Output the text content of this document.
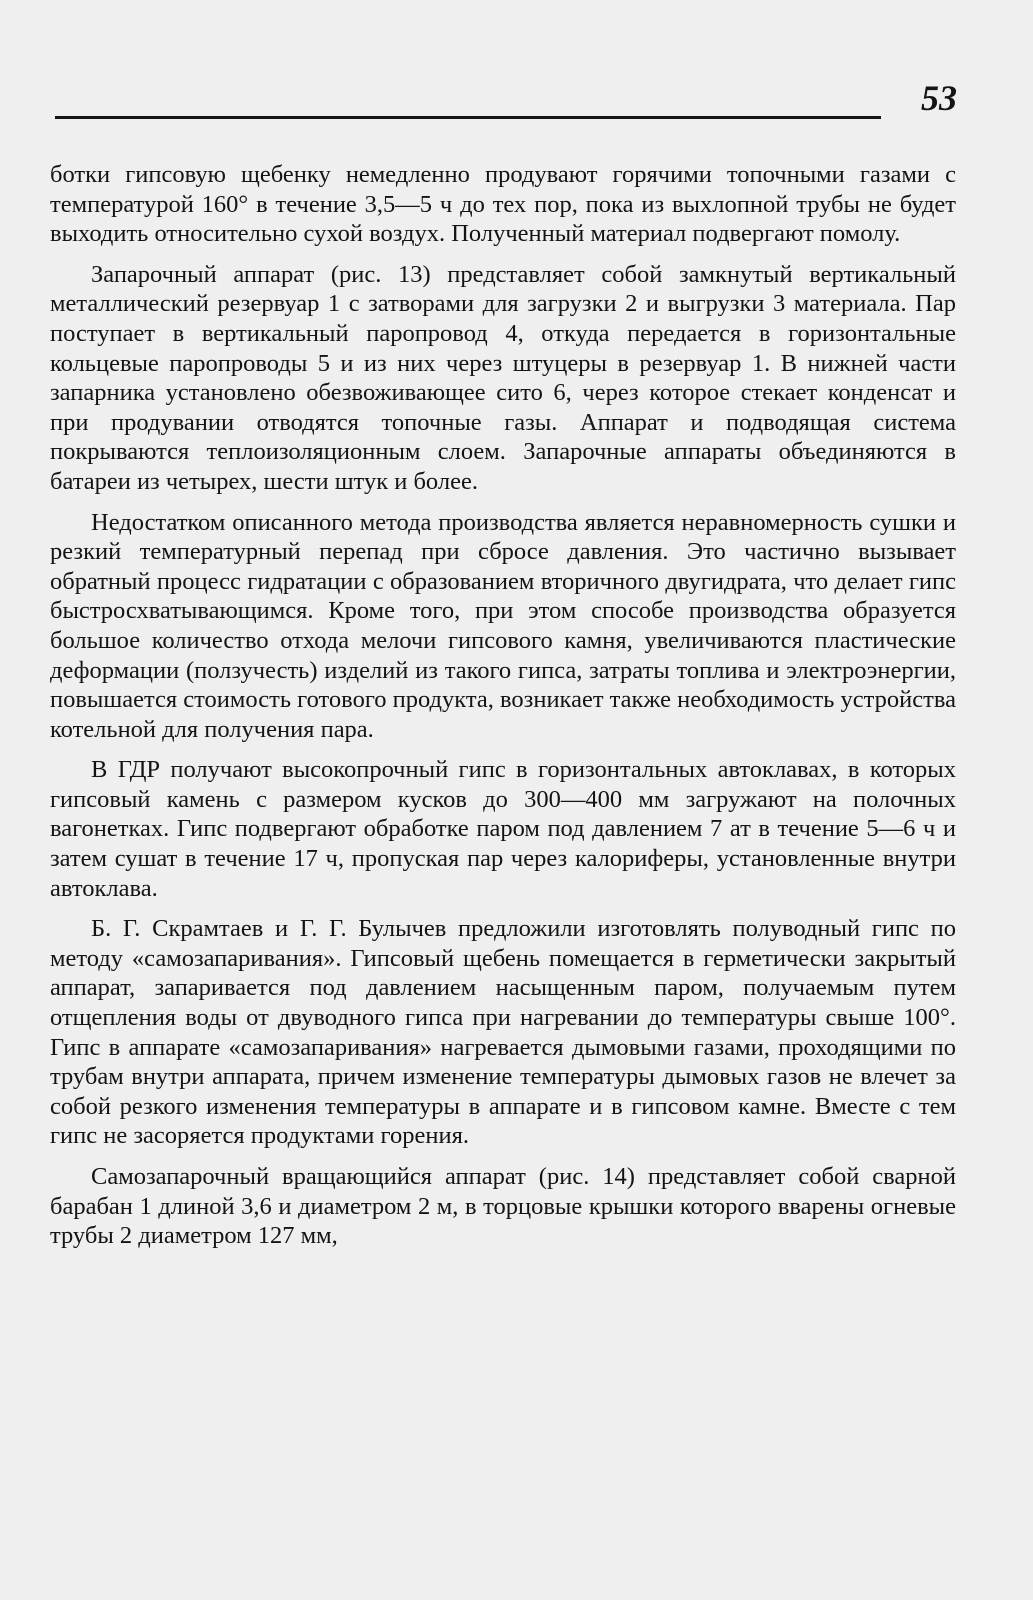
53

ботки гипсовую щебенку немедленно продувают горячими топочными газами с температурой 160° в течение 3,5—5 ч до тех пор, пока из выхлопной трубы не будет выходить относительно сухой воздух. Полученный материал подвергают помолу.

Запарочный аппарат (рис. 13) представляет собой замкнутый вертикальный металлический резервуар 1 с затворами для загрузки 2 и выгрузки 3 материала. Пар поступает в вертикальный паропровод 4, откуда передается в горизонтальные кольцевые паропроводы 5 и из них через штуцеры в резервуар 1. В нижней части запарника установлено обезвоживающее сито 6, через которое стекает конденсат и при продувании отводятся топочные газы. Аппарат и подводящая система покрываются теплоизоляционным слоем. Запарочные аппараты объединяются в батареи из четырех, шести штук и более.

Недостатком описанного метода производства является неравномерность сушки и резкий температурный перепад при сбросе давления. Это частично вызывает обратный процесс гидратации с образованием вторичного двугидрата, что делает гипс быстросхватывающимся. Кроме того, при этом способе производства образуется большое количество отхода мелочи гипсового камня, увеличиваются пластические деформации (ползучесть) изделий из такого гипса, затраты топлива и электроэнергии, повышается стоимость готового продукта, возникает также необходимость устройства котельной для получения пара.

В ГДР получают высокопрочный гипс в горизонтальных автоклавах, в которых гипсовый камень с размером кусков до 300—400 мм загружают на полочных вагонетках. Гипс подвергают обработке паром под давлением 7 ат в течение 5—6 ч и затем сушат в течение 17 ч, пропуская пар через калориферы, установленные внутри автоклава.

Б. Г. Скрамтаев и Г. Г. Булычев предложили изготовлять полуводный гипс по методу «самозапаривания». Гипсовый щебень помещается в герметически закрытый аппарат, запаривается под давлением насыщенным паром, получаемым путем отщепления воды от двуводного гипса при нагревании до температуры свыше 100°. Гипс в аппарате «самозапаривания» нагревается дымовыми газами, проходящими по трубам внутри аппарата, причем изменение температуры дымовых газов не влечет за собой резкого изменения температуры в аппарате и в гипсовом камне. Вместе с тем гипс не засоряется продуктами горения.

Самозапарочный вращающийся аппарат (рис. 14) представляет собой сварной барабан 1 длиной 3,6 и диаметром 2 м, в торцовые крышки которого вварены огневые трубы 2 диаметром 127 мм,
